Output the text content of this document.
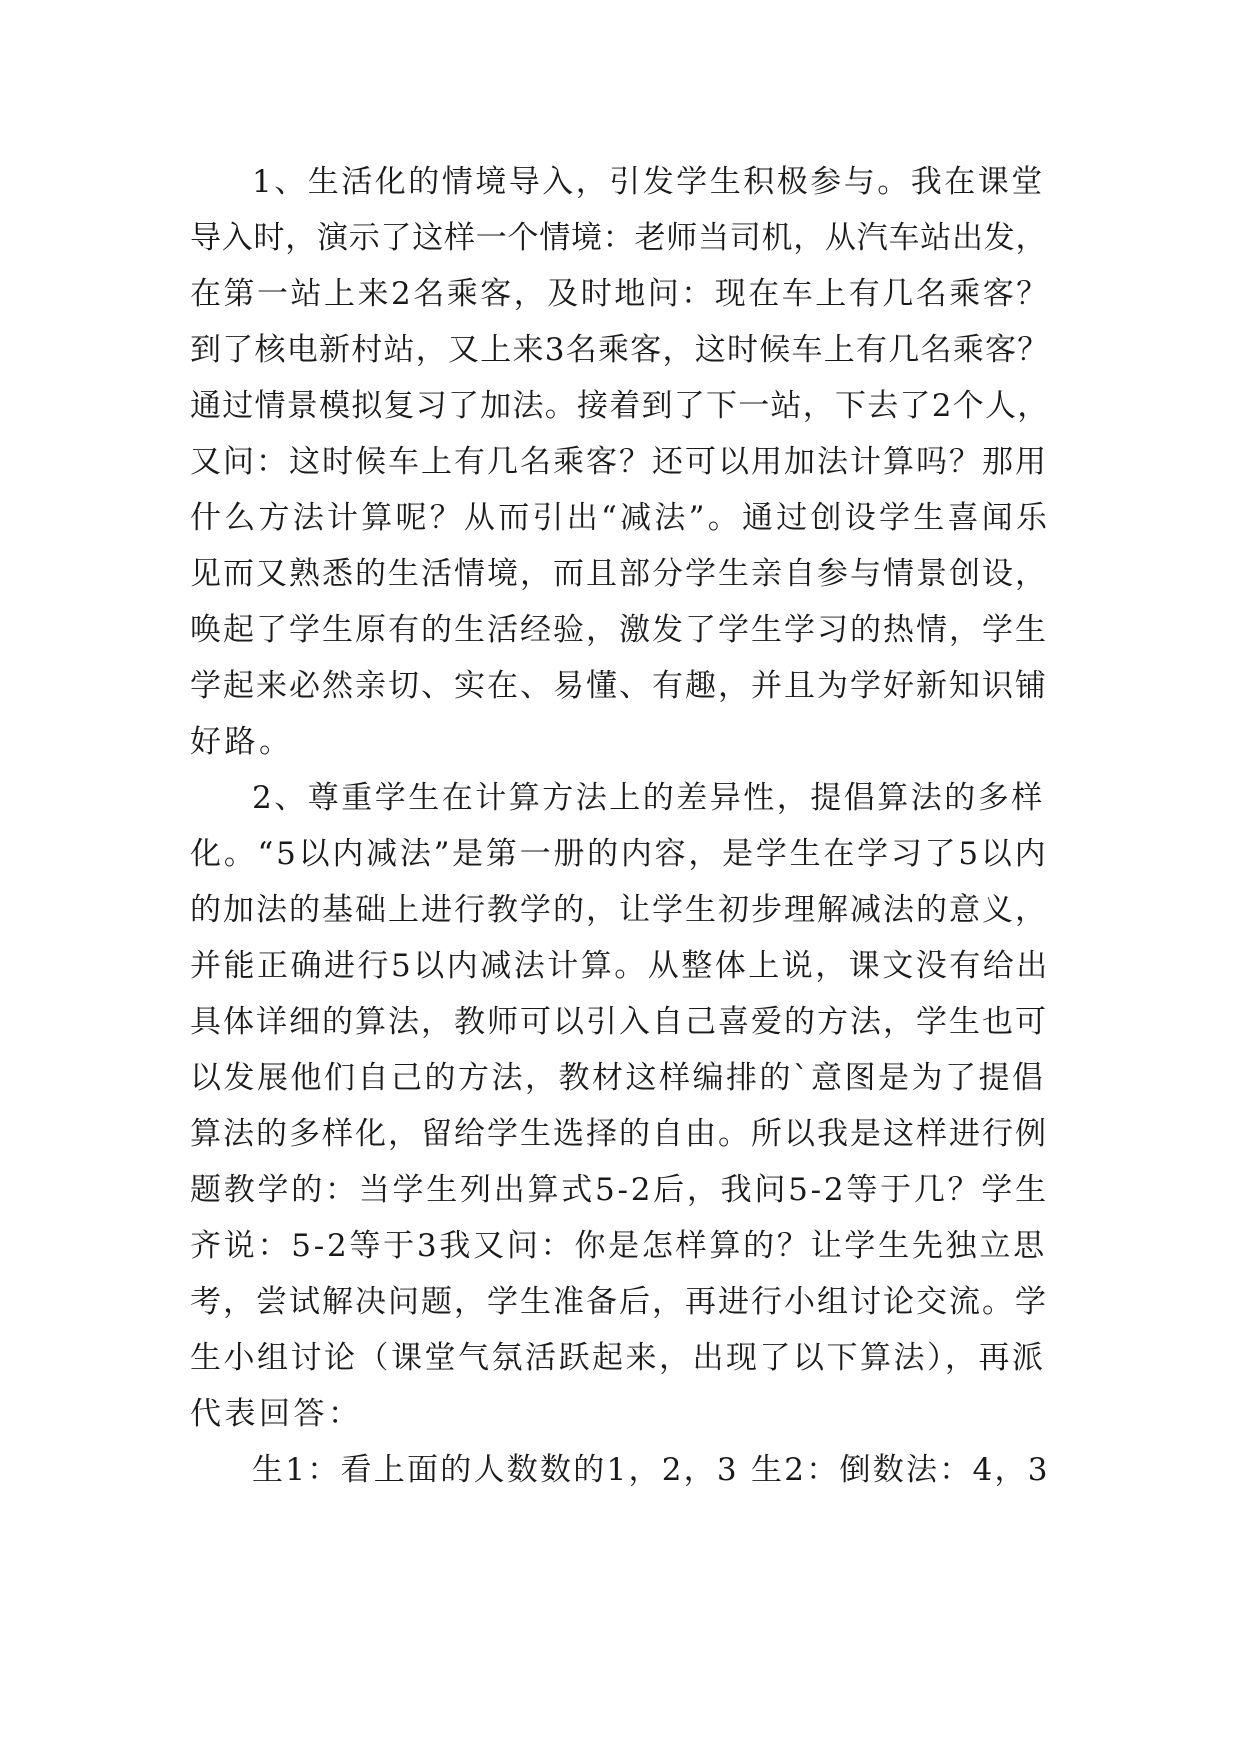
1、生活化的情境导入，引发学生积极参与。我在课堂
导入时，演示了这样一个情境：老师当司机，从汽车站出发，
在第一站上来2名乘客，及时地问：现在车上有几名乘客？
到了核电新村站，又上来3名乘客，这时候车上有几名乘客？
通过情景模拟复习了加法。接着到了下一站，下去了2个人，
又问：这时候车上有几名乘客？还可以用加法计算吗？那用
什么方法计算呢？从而引出“减法”。通过创设学生喜闻乐
见而又熟悉的生活情境，而且部分学生亲自参与情景创设，
唤起了学生原有的生活经验，激发了学生学习的热情，学生
学起来必然亲切、实在、易懂、有趣，并且为学好新知识铺
好路。
2、尊重学生在计算方法上的差异性，提倡算法的多样
化。“5以内减法”是第一册的内容，是学生在学习了5以内
的加法的基础上进行教学的，让学生初步理解减法的意义，
并能正确进行5以内减法计算。从整体上说，课文没有给出
具体详细的算法，教师可以引入自己喜爱的方法，学生也可
以发展他们自己的方法，教材这样编排的`意图是为了提倡
算法的多样化，留给学生选择的自由。所以我是这样进行例
题教学的：当学生列出算式5-2后，我问5-2等于几？学生
齐说：5-2等于3我又问：你是怎样算的？让学生先独立思
考，尝试解决问题，学生准备后，再进行小组讨论交流。学
生小组讨论（课堂气氛活跃起来，出现了以下算法），再派
代表回答：
生1：看上面的人数数的1，2，3 生2：倒数法：4，3
